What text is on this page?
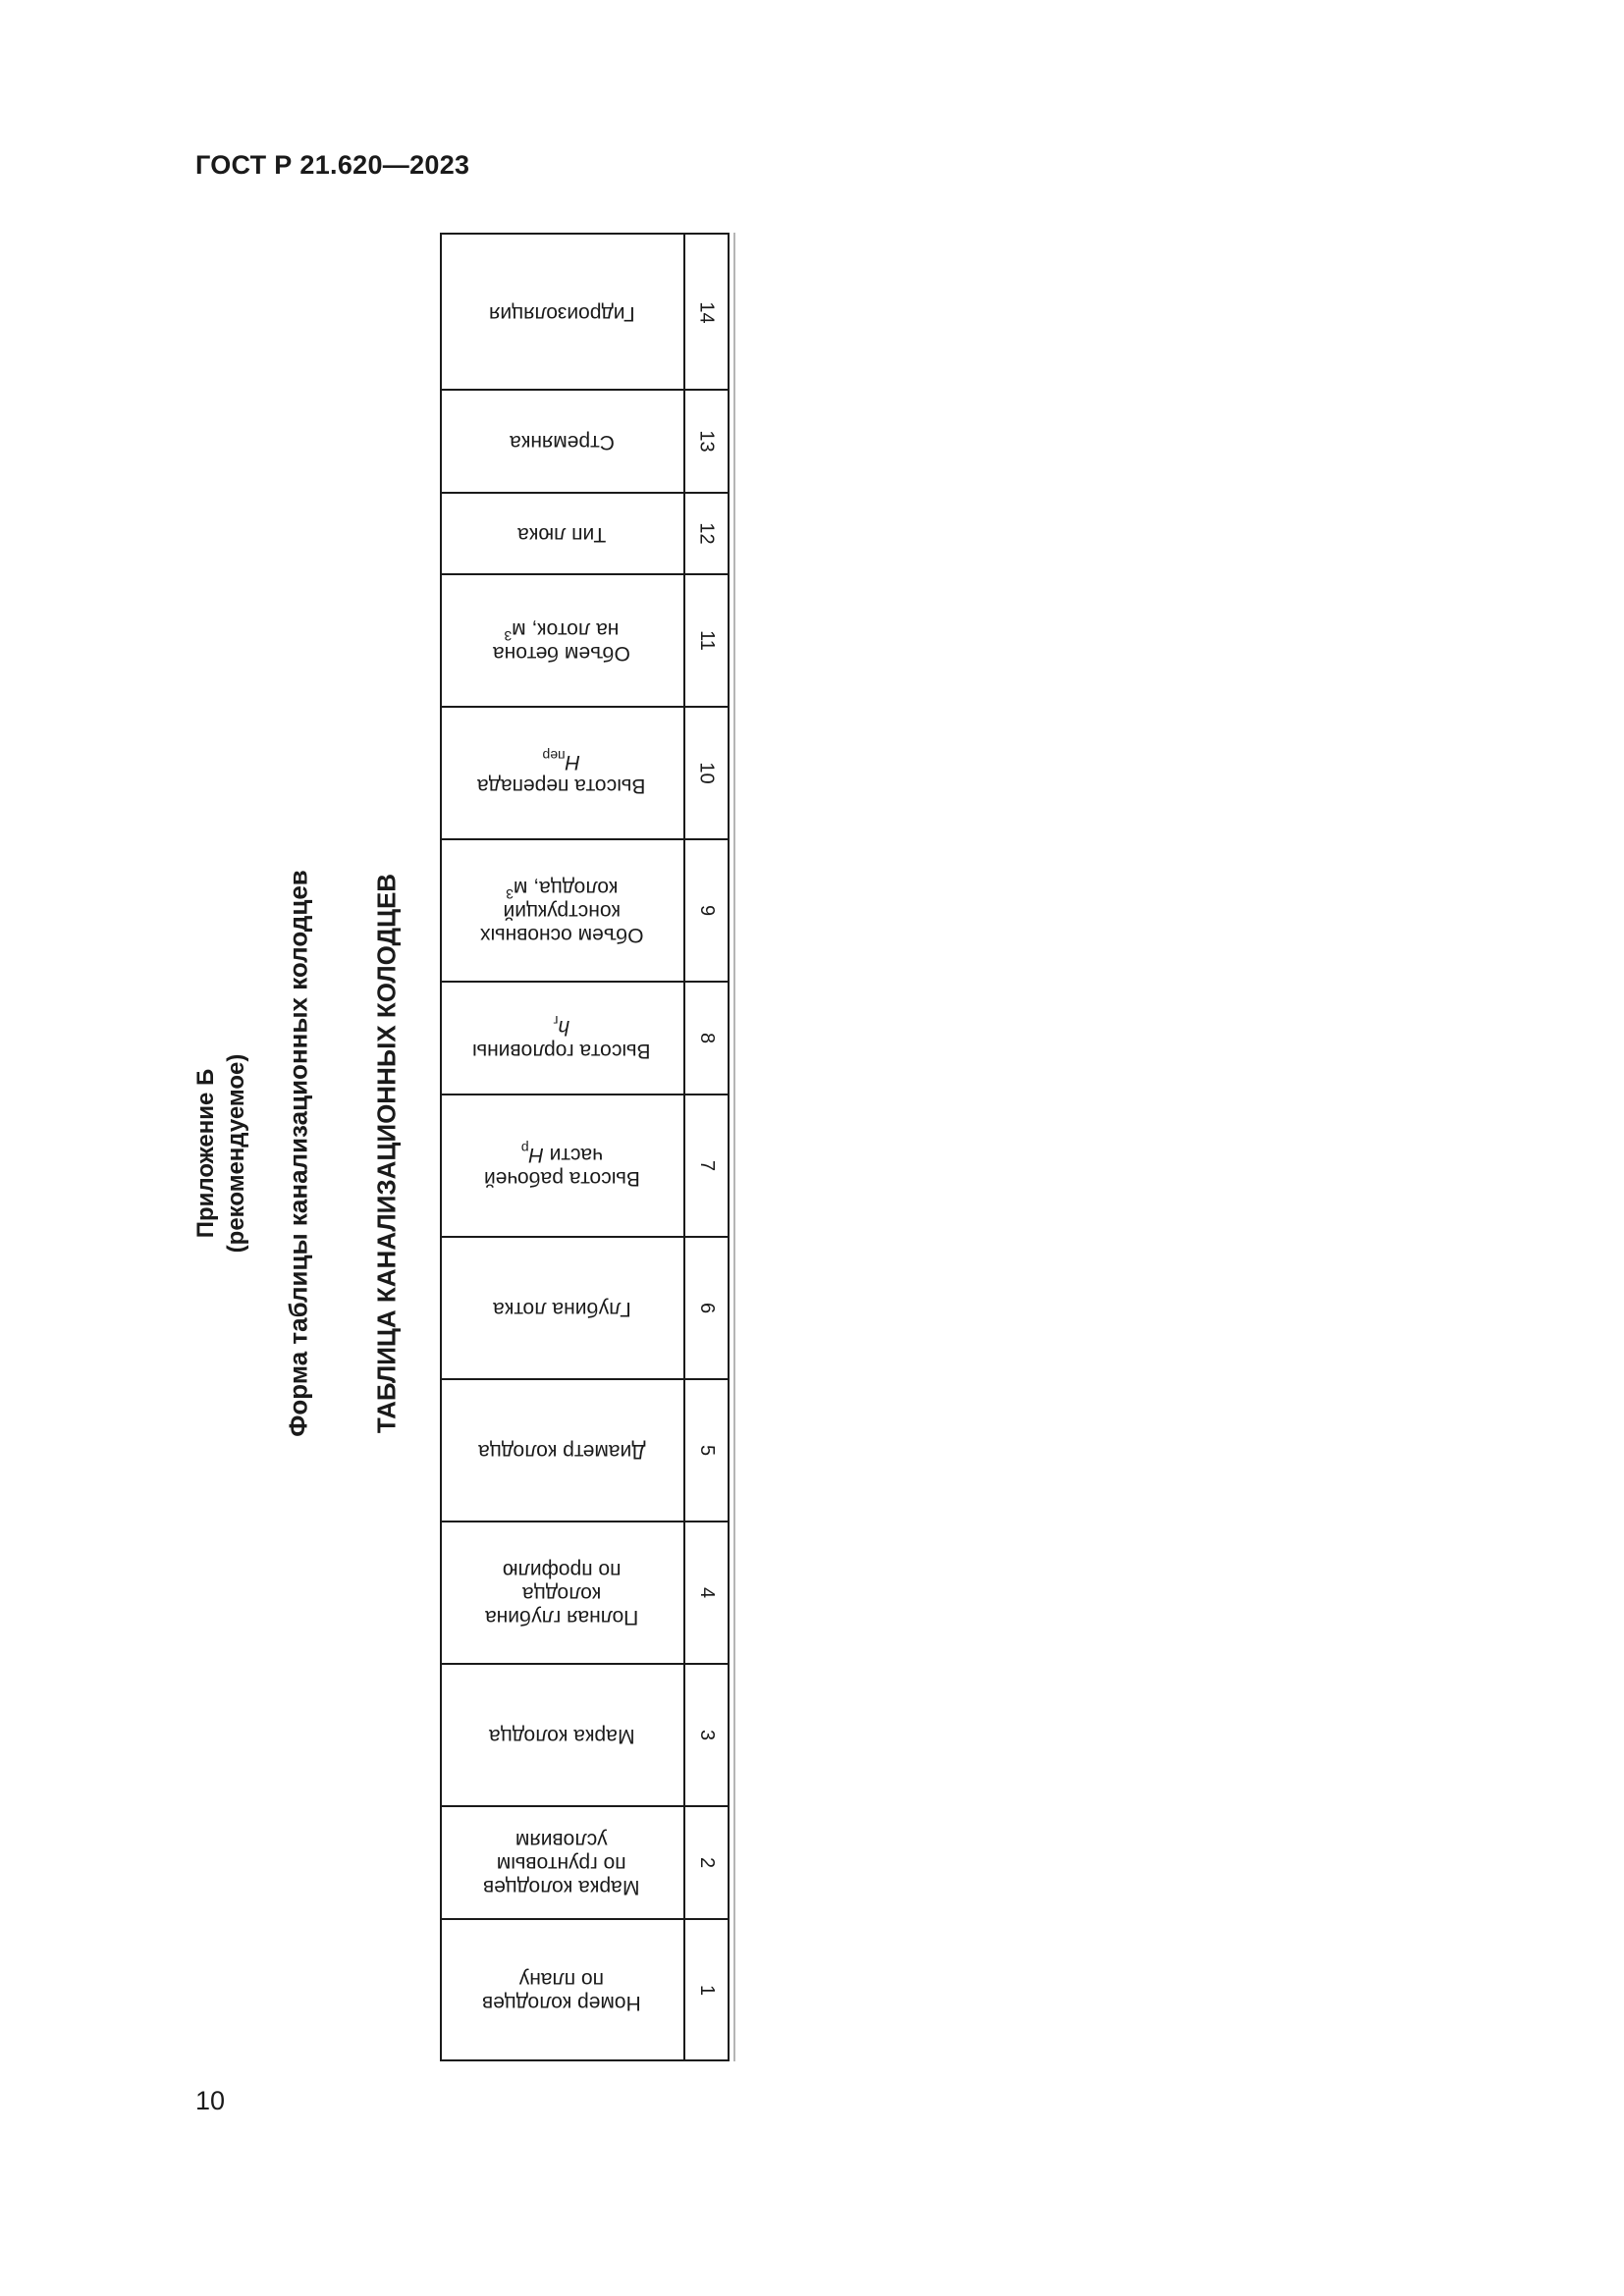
ГОСТ Р 21.620—2023
Приложение Б (рекомендуемое) Форма таблицы канализационных колодцев ТАБЛИЦА КАНАЛИЗАЦИОННЫХ КОЛОДЦЕВ
Номер колодцев
по плану	1
Марка колодцев
по грунтовым
условиям
2
Марка колодца	3
Полная глубина
колодца
по профилю
4
Диаметр колодца	5
Глубина лотка	6
Высота рабочей
части $H_р$
7
Высота горловины
$h_г$
8
Объем основных
конструкций
колодца, $м^3$
9
Высота перепада
$H_{пер}$
10
Объем бетона
на лоток, $м^3$	11
Тип люка	12
Стремянка	13
Гидроизоляция	14
10
